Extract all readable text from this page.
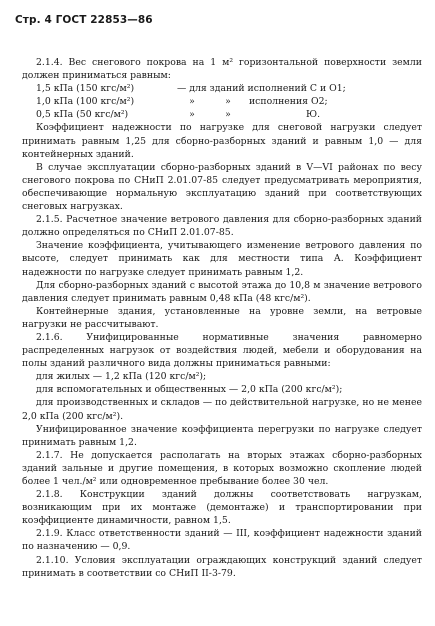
Стр. 4 ГОСТ 22853—86

2.1.4. Вес снегового покрова на 1 м² горизонтальной поверхности земли должен приниматься равным:

1,5 кПа (150 кгс/м²)	— для зданий исполнений С и О1;
1,0 кПа (100 кгс/м²)	»	» исполнения О2;
0,5 кПа (50 кгс/м²)	»	»	Ю.

Коэффициент надежности по нагрузке для снеговой нагрузки следует принимать равным 1,25 для сборно-разборных зданий и равным 1,0 — для контейнерных зданий.

В случае эксплуатации сборно-разборных зданий в V—VI районах по весу снегового покрова по СНиП 2.01.07-85 следует предусматривать мероприятия, обеспечивающие нормальную эксплуатацию зданий при соответствующих снеговых нагрузках.

2.1.5. Расчетное значение ветрового давления для сборно-разборных зданий должно определяться по СНиП 2.01.07-85.

Значение коэффициента, учитывающего изменение ветрового давления по высоте, следует принимать как для местности типа А. Коэффициент надежности по нагрузке следует принимать равным 1,2.

Для сборно-разборных зданий с высотой этажа до 10,8 м значение ветрового давления следует принимать равным 0,48 кПа (48 кгс/м²).

Контейнерные здания, установленные на уровне земли, на ветровые нагрузки не рассчитывают.

2.1.6. Унифицированные нормативные значения равномерно распределенных нагрузок от воздействия людей, мебели и оборудования на полы зданий различного вида должны приниматься равными:

для жилых — 1,2 кПа (120 кгс/м²);

для вспомогательных и общественных — 2,0 кПа (200 кгс/м²);

для производственных и складов — по действительной нагрузке, но не менее 2,0 кПа (200 кгс/м²).

Унифицированное значение коэффициента перегрузки по нагрузке следует принимать равным 1,2.

2.1.7. Не допускается располагать на вторых этажах сборно-разборных зданий зальные и другие помещения, в которых возможно скопление людей более 1 чел./м² или одновременное пребывание более 30 чел.

2.1.8. Конструкции зданий должны соответствовать нагрузкам, возникающим при их монтаже (демонтаже) и транспортировании при коэффициенте динамичности, равном 1,5.

2.1.9. Класс ответственности зданий — III, коэффициент надежности зданий по назначению — 0,9.

2.1.10. Условия эксплуатации ограждающих конструкций зданий следует принимать в соответствии со СНиП II-3-79.
